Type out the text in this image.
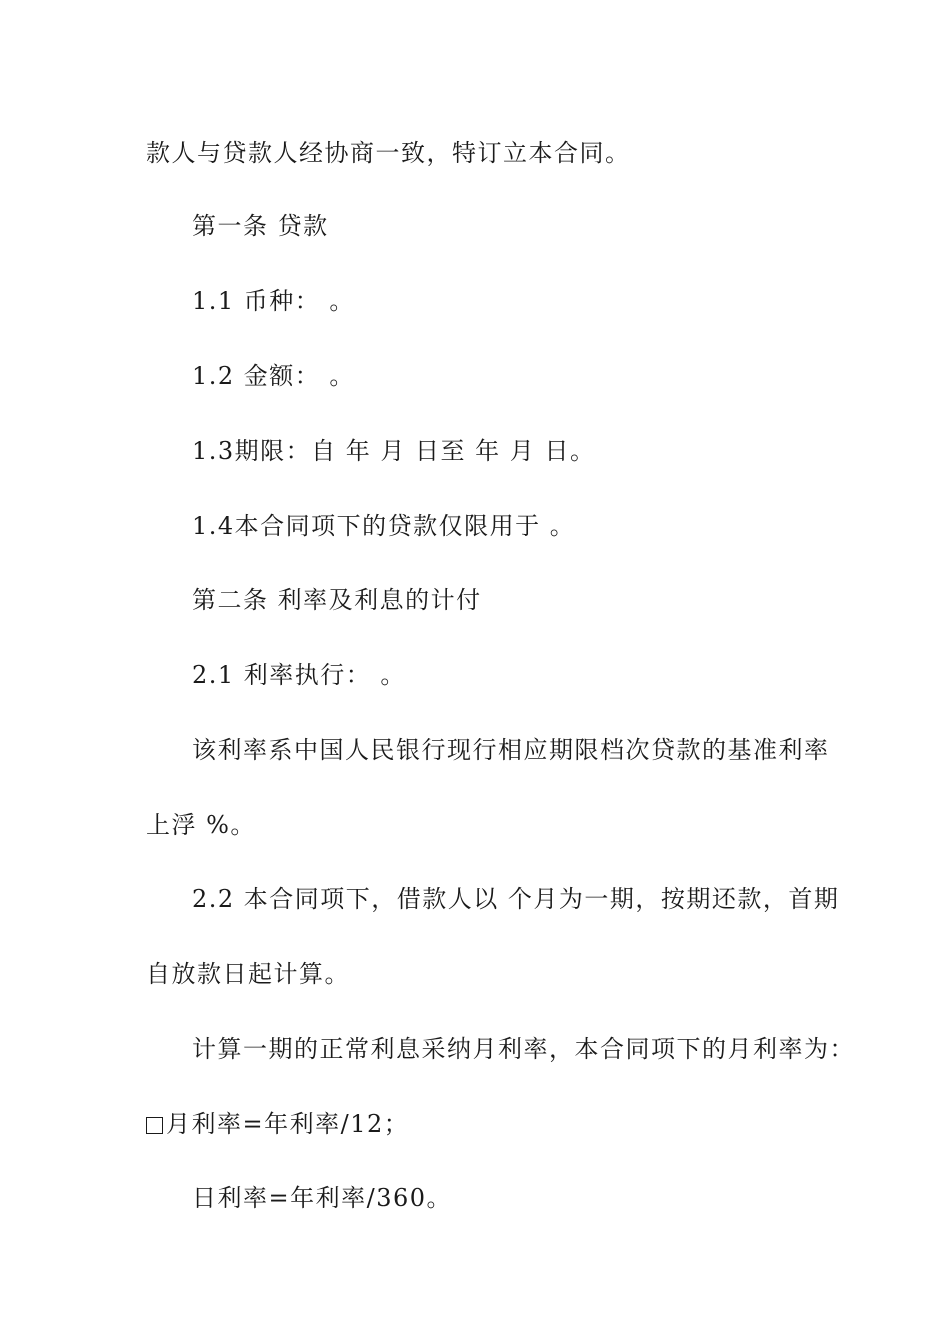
款人与贷款人经协商一致，特订立本合同。
第一条 贷款
1.1 币种： 。
1.2 金额： 。
1.3期限：自 年 月 日至 年 月 日。
1.4本合同项下的贷款仅限用于 。
第二条 利率及利息的计付
2.1 利率执行： 。
该利率系中国人民银行现行相应期限档次贷款的基准利率
上浮 %。
2.2 本合同项下，借款人以 个月为一期，按期还款，首期
自放款日起计算。
计算一期的正常利息采纳月利率，本合同项下的月利率为：
月利率=年利率/12；
日利率=年利率/360。
